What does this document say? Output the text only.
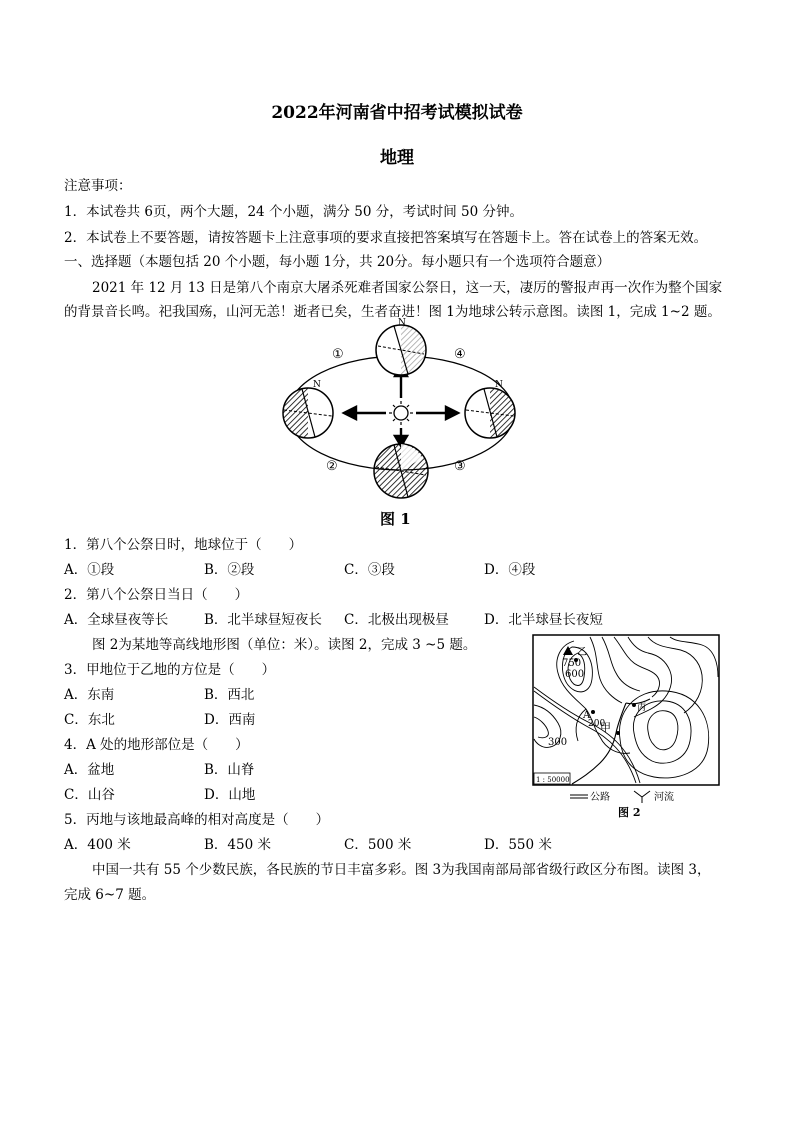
2022年河南省中招考试模拟试卷
地理
注意事项：
1．本试卷共 6页，两个大题，24 个小题，满分 50 分，考试时间 50 分钟。
2．本试卷上不要答题，请按答题卡上注意事项的要求直接把答案填写在答题卡上。答在试卷上的答案无效。
一、选择题（本题包括 20 个小题，每小题 1分，共 20分。每小题只有一个选项符合题意）
2021 年 12 月 13 日是第八个南京大屠杀死难者国家公祭日，这一天，凄厉的警报声再一次作为整个国家
的背景音长鸣。祀我国殇，山河无恙！逝者已矣，生者奋进！图 1为地球公转示意图。读图 1，完成 1~2 题。
N
N	N
N
①	④
②	③
图 1
1．第八个公祭日时，地球位于（　　）
A．①段	B．②段	C．③段	D．④段
2．第八个公祭日当日（　　）
A．全球昼夜等长	B．北半球昼短夜长 C．北极出现极昼	D．北半球昼长夜短
图 2为某地等高线地形图（单位：米）。读图 2，完成 3 ~5 题。
3．甲地位于乙地的方位是（　　）
A．东南	B．西北
C．东北	D．西南
4．A 处的地形部位是（　　）
A．盆地	B．山脊
C．山谷	D．山地
5．丙地与该地最高峰的相对高度是（　　）
A．400 米	B．450 米	C．500 米	D．550 米
750
600
乙
A
200
甲
丙
300
1 : 50000
公路	河流
图 2
中国一共有 55 个少数民族，各民族的节日丰富多彩。图 3为我国南部局部省级行政区分布图。读图 3，
完成 6~7 题。
